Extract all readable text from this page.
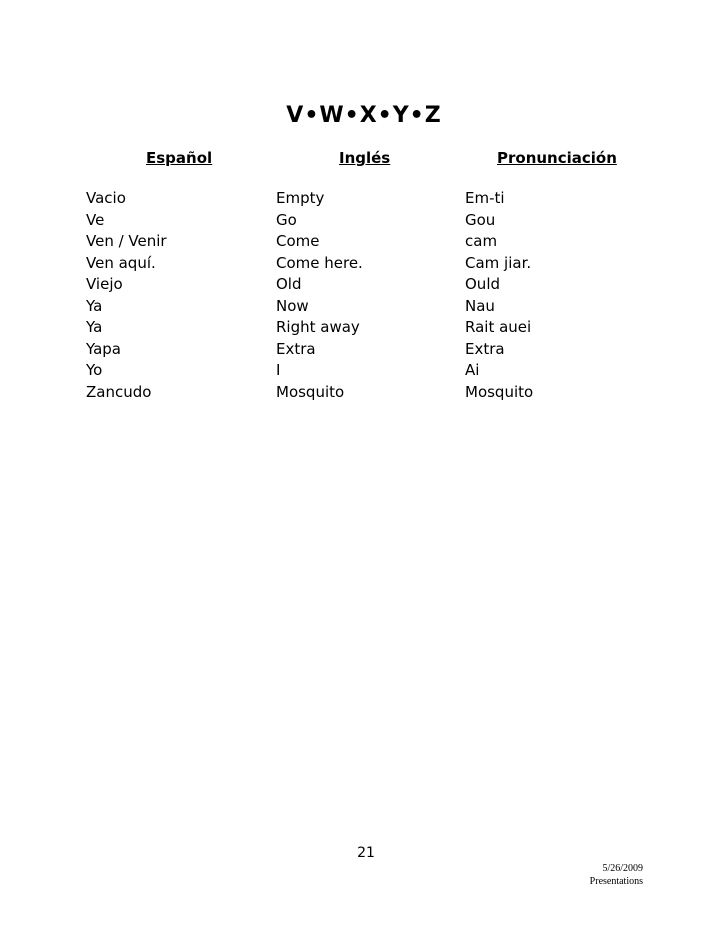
V•W•X•Y•Z
Español	Inglés	Pronunciación
Vacio	Empty	Em-ti
Ve	Go	Gou
Ven / Venir	Come	cam
Ven aquí.	Come here.	Cam jiar.
Viejo	Old	Ould
Ya	Now	Nau
Ya	Right away	Rait auei
Yapa	Extra	Extra
Yo	I	Ai
Zancudo	Mosquito	Mosquito
21
5/26/2009
Presentations
